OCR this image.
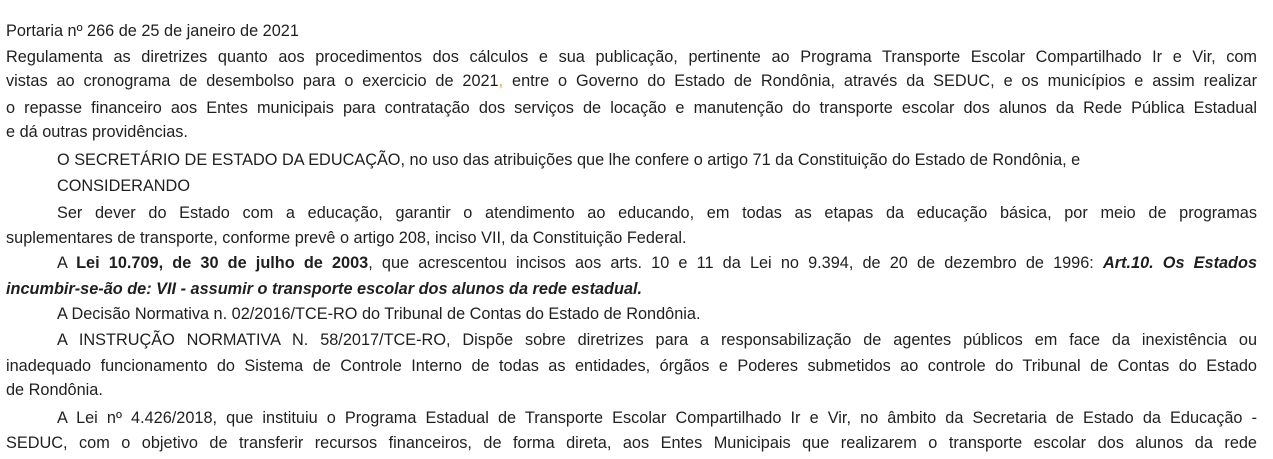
Portaria nº 266 de 25 de janeiro de 2021
Regulamenta as diretrizes quanto aos procedimentos dos cálculos e sua publicação, pertinente ao Programa Transporte Escolar Compartilhado Ir e Vir, com
vistas ao cronograma de desembolso para o exercicio de 2021, entre o Governo do Estado de Rondônia, através da SEDUC, e os municípios e assim realizar
o repasse financeiro aos Entes municipais para contratação dos serviços de locação e manutenção do transporte escolar dos alunos da Rede Pública Estadual
e dá outras providências.
O SECRETÁRIO DE ESTADO DA EDUCAÇÃO, no uso das atribuições que lhe confere o artigo 71 da Constituição do Estado de Rondônia, e
CONSIDERANDO
Ser dever do Estado com a educação, garantir o atendimento ao educando, em todas as etapas da educação básica, por meio de programas
suplementares de transporte, conforme prevê o artigo 208, inciso VII, da Constituição Federal.
A Lei 10.709, de 30 de julho de 2003, que acrescentou incisos aos arts. 10 e 11 da Lei no 9.394, de 20 de dezembro de 1996: Art.10. Os Estados
incumbir-se-ão de: VII - assumir o transporte escolar dos alunos da rede estadual.
A Decisão Normativa n. 02/2016/TCE-RO do Tribunal de Contas do Estado de Rondônia.
A INSTRUÇÃO NORMATIVA N. 58/2017/TCE-RO, Dispõe sobre diretrizes para a responsabilização de agentes públicos em face da inexistência ou
inadequado funcionamento do Sistema de Controle Interno de todas as entidades, órgãos e Poderes submetidos ao controle do Tribunal de Contas do Estado
de Rondônia.
A Lei nº 4.426/2018, que instituiu o Programa Estadual de Transporte Escolar Compartilhado Ir e Vir, no âmbito da Secretaria de Estado da Educação -
SEDUC, com o objetivo de transferir recursos financeiros, de forma direta, aos Entes Municipais que realizarem o transporte escolar dos alunos da rede
